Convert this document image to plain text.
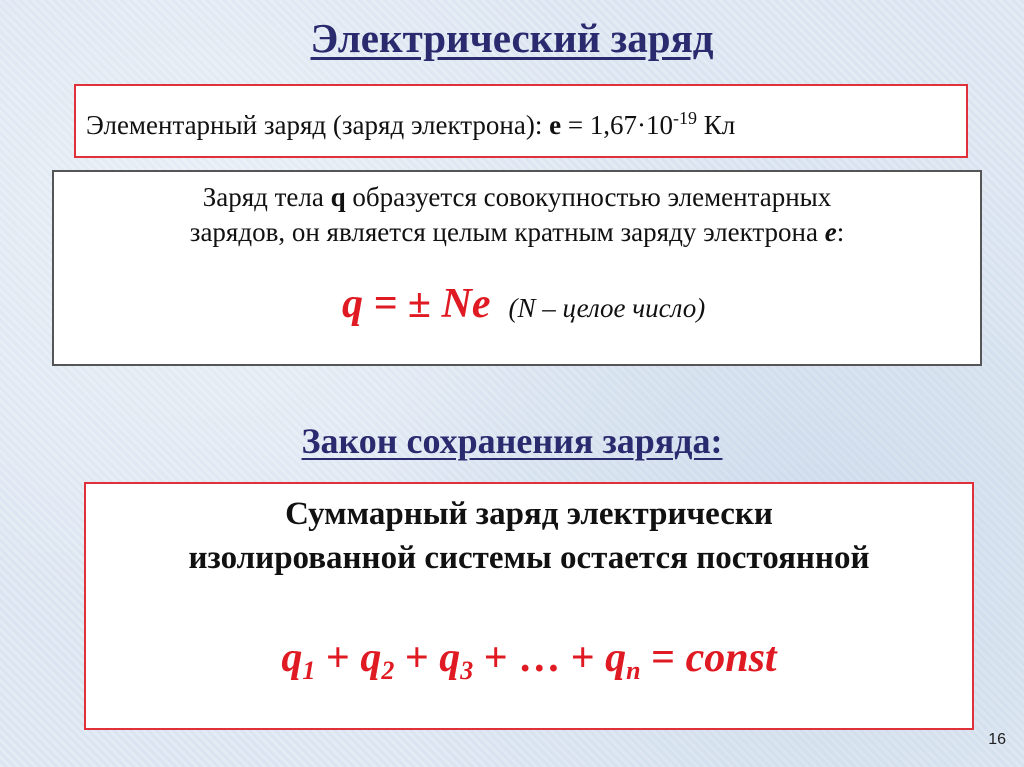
Электрический заряд
Элементарный заряд (заряд электрона): $е = 1,67\cdot 10^{-19}$ Кл
Заряд тела q образуется совокупностью элементарных
зарядов, он является целым кратным заряду электрона e:
q = ± Ne (N – целое число)
Закон сохранения заряда:
Суммарный заряд электрически
изолированной системы остается постоянной
$q_1 + q_2 + q_3$ + … + $q_n$ = const
16
